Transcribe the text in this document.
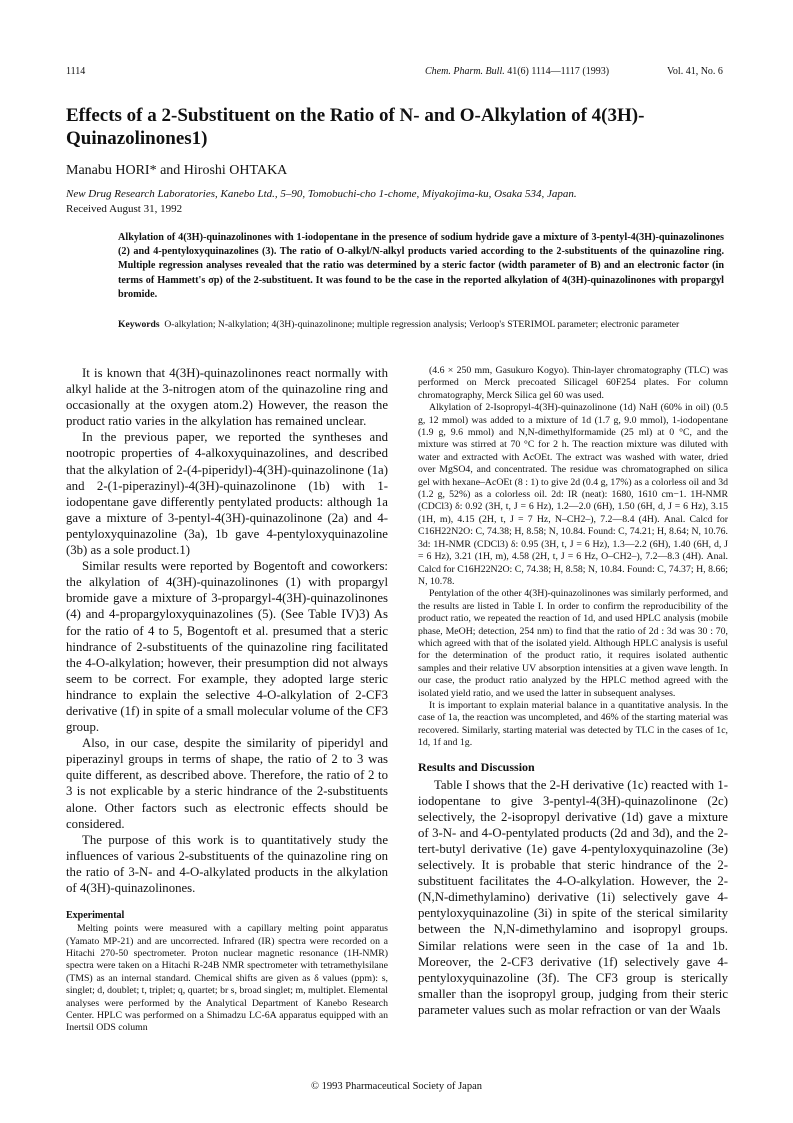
1114	Chem. Pharm. Bull. 41(6) 1114—1117 (1993)	Vol. 41, No. 6
Effects of a 2-Substituent on the Ratio of N- and O-Alkylation of 4(3H)-Quinazolinones1)
Manabu HORI* and Hiroshi OHTAKA
New Drug Research Laboratories, Kanebo Ltd., 5–90, Tomobuchi-cho 1-chome, Miyakojima-ku, Osaka 534, Japan.
Received August 31, 1992
Alkylation of 4(3H)-quinazolinones with 1-iodopentane in the presence of sodium hydride gave a mixture of 3-pentyl-4(3H)-quinazolinones (2) and 4-pentyloxyquinazolines (3). The ratio of O-alkyl/N-alkyl products varied according to the 2-substituents of the quinazoline ring. Multiple regression analyses revealed that the ratio was determined by a steric factor (width parameter of B) and an electronic factor (in terms of Hammett's σp) of the 2-substituent. It was found to be the case in the reported alkylation of 4(3H)-quinazolinones with propargyl bromide.
Keywords O-alkylation; N-alkylation; 4(3H)-quinazolinone; multiple regression analysis; Verloop's STERIMOL parameter; electronic parameter

It is known that 4(3H)-quinazolinones react normally with alkyl halide at the 3-nitrogen atom of the quinazoline ring and occasionally at the oxygen atom.2) However, the reason the product ratio varies in the alkylation has remained unclear.

In the previous paper, we reported the syntheses and nootropic properties of 4-alkoxyquinazolines, and described that the alkylation of 2-(4-piperidyl)-4(3H)-quinazolinone (1a) and 2-(1-piperazinyl)-4(3H)-quinazolinone (1b) with 1-iodopentane gave differently pentylated products: although 1a gave a mixture of 3-pentyl-4(3H)-quinazolinone (2a) and 4-pentyloxyquinazoline (3a), 1b gave 4-pentyloxyquinazoline (3b) as a sole product.1)

Similar results were reported by Bogentoft and coworkers: the alkylation of 4(3H)-quinazolinones (1) with propargyl bromide gave a mixture of 3-propargyl-4(3H)-quinazolinones (4) and 4-propargyloxyquinazolines (5). (See Table IV)3) As for the ratio of 4 to 5, Bogentoft et al. presumed that a steric hindrance of 2-substituents of the quinazoline ring facilitated the 4-O-alkylation; however, their presumption did not always seem to be correct. For example, they adopted large steric hindrance to explain the selective 4-O-alkylation of 2-CF3 derivative (1f) in spite of a small molecular volume of the CF3 group.

Also, in our case, despite the similarity of piperidyl and piperazinyl groups in terms of shape, the ratio of 2 to 3 was quite different, as described above. Therefore, the ratio of 2 to 3 is not explicable by a steric hindrance of the 2-substituents alone. Other factors such as electronic effects should be considered.

The purpose of this work is to quantitatively study the influences of various 2-substituents of the quinazoline ring on the ratio of 3-N- and 4-O-alkylated products in the alkylation of 4(3H)-quinazolinones.

Experimental

Melting points were measured with a capillary melting point apparatus (Yamato MP-21) and are uncorrected. Infrared (IR) spectra were recorded on a Hitachi 270-50 spectrometer. Proton nuclear magnetic resonance (1H-NMR) spectra were taken on a Hitachi R-24B NMR spectrometer with tetramethylsilane (TMS) as an internal standard. Chemical shifts are given as δ values (ppm): s, singlet; d, doublet; t, triplet; q, quartet; br s, broad singlet; m, multiplet. Elemental analyses were performed by the Analytical Department of Kanebo Research Center. HPLC was performed on a Shimadzu LC-6A apparatus equipped with an Inertsil ODS column

(4.6 × 250 mm, Gasukuro Kogyo). Thin-layer chromatography (TLC) was performed on Merck precoated Silicagel 60F254 plates. For column chromatography, Merck Silica gel 60 was used.

Alkylation of 2-Isopropyl-4(3H)-quinazolinone (1d) NaH (60% in oil) (0.5 g, 12 mmol) was added to a mixture of 1d (1.7 g, 9.0 mmol), 1-iodopentane (1.9 g, 9.6 mmol) and N,N-dimethylformamide (25 ml) at 0 °C, and the mixture was stirred at 70 °C for 2 h. The reaction mixture was diluted with water and extracted with AcOEt. The extract was washed with water, dried over MgSO4, and concentrated. The residue was chromatographed on silica gel with hexane–AcOEt (8 : 1) to give 2d (0.4 g, 17%) as a colorless oil and 3d (1.2 g, 52%) as a colorless oil. 2d: IR (neat): 1680, 1610 cm−1. 1H-NMR (CDCl3) δ: 0.92 (3H, t, J = 6 Hz), 1.2—2.0 (6H), 1.50 (6H, d, J = 6 Hz), 3.15 (1H, m), 4.15 (2H, t, J = 7 Hz, N–CH2–), 7.2—8.4 (4H). Anal. Calcd for C16H22N2O: C, 74.38; H, 8.58; N, 10.84. Found: C, 74.21; H, 8.64; N, 10.76. 3d: 1H-NMR (CDCl3) δ: 0.95 (3H, t, J = 6 Hz), 1.3—2.2 (6H), 1.40 (6H, d, J = 6 Hz), 3.21 (1H, m), 4.58 (2H, t, J = 6 Hz, O–CH2–), 7.2—8.3 (4H). Anal. Calcd for C16H22N2O: C, 74.38; H, 8.58; N, 10.84. Found: C, 74.37; H, 8.66; N, 10.78.

Pentylation of the other 4(3H)-quinazolinones was similarly performed, and the results are listed in Table I. In order to confirm the reproducibility of the product ratio, we repeated the reaction of 1d, and used HPLC analysis (mobile phase, MeOH; detection, 254 nm) to find that the ratio of 2d : 3d was 30 : 70, which agreed with that of the isolated yield. Although HPLC analysis is useful for the determination of the product ratio, it requires isolated authentic samples and their relative UV absorption intensities at a given wave length. In our case, the product ratio analyzed by the HPLC method agreed with the isolated yield ratio, and we used the latter in subsequent analyses.

It is important to explain material balance in a quantitative analysis. In the case of 1a, the reaction was uncompleted, and 46% of the starting material was recovered. Similarly, starting material was detected by TLC in the cases of 1c, 1d, 1f and 1g.

Results and Discussion

Table I shows that the 2-H derivative (1c) reacted with 1-iodopentane to give 3-pentyl-4(3H)-quinazolinone (2c) selectively, the 2-isopropyl derivative (1d) gave a mixture of 3-N- and 4-O-pentylated products (2d and 3d), and the 2-tert-butyl derivative (1e) gave 4-pentyloxyquinazoline (3e) selectively. It is probable that steric hindrance of the 2-substituent facilitates the 4-O-alkylation. However, the 2-(N,N-dimethylamino) derivative (1i) selectively gave 4-pentyloxyquinazoline (3i) in spite of the sterical similarity between the N,N-dimethylamino and isopropyl groups. Similar relations were seen in the case of 1a and 1b. Moreover, the 2-CF3 derivative (1f) selectively gave 4-pentyloxyquinazoline (3f). The CF3 group is sterically smaller than the isopropyl group, judging from their steric parameter values such as molar refraction or van der Waals

© 1993 Pharmaceutical Society of Japan
